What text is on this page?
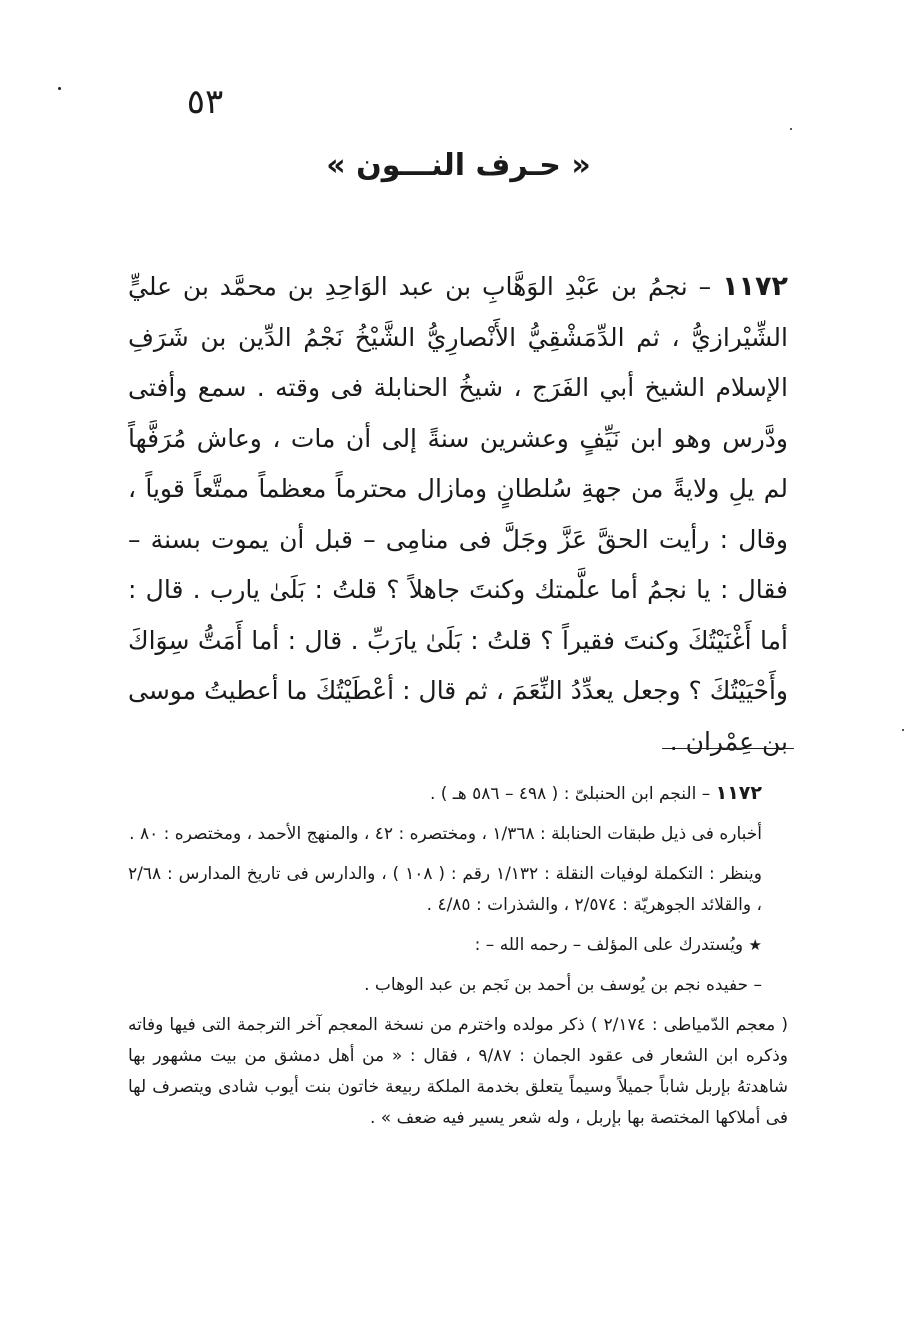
٥٣
« حـرف النـــون »
١١٧٢ – نجمُ بن عَبْدِ الوَهَّابِ بن عبد الوَاحِدِ بن محمَّد بن عليٍّ الشِّيْرازيُّ ، ثم الدِّمَشْقِيُّ الأَنْصارِيُّ الشَّيْخُ نَجْمُ الدِّين بن شَرَفِ الإسلام الشيخ أبي الفَرَج ، شيخُ الحنابلة فى وقته . سمع وأفتى ودَّرس وهو ابن نَيِّفٍ وعشرين سنةً إلى أن مات ، وعاش مُرَفَّهاً لم يلِ ولايةً من جهةِ سُلطانٍ ومازال محترماً معظماً ممتَّعاً قوياً ، وقال : رأيت الحقَّ عَزَّ وجَلَّ فى منامِى – قبل أن يموت بسنة – فقال : يا نجمُ أما علَّمتك وكنتَ جاهلاً ؟ قلتُ : بَلَىٰ يارب . قال : أما أَغْنَيْتُكَ وكنتَ فقيراً ؟ قلتُ : بَلَىٰ يارَبِّ . قال : أما أَمَتُّ سِوَاكَ وأَحْيَيْتُكَ ؟ وجعل يعدِّدُ النِّعَمَ ، ثم قال : أعْطَيْتُكَ ما أعطيتُ موسى بن عِمْران .

١١٧٢ – النجم ابن الحنبلىّ : ( ٤٩٨ – ٥٨٦ هـ ) .

أخباره فى ذيل طبقات الحنابلة : ١/٣٦٨ ، ومختصره : ٤٢ ، والمنهج الأحمد ، ومختصره : ٨٠ .

وينظر : التكملة لوفيات النقلة : ١/١٣٢ رقم : ( ١٠٨ ) ، والدارس فى تاريخ المدارس : ٢/٦٨ ، والقلائد الجوهريّة : ٢/٥٧٤ ، والشذرات : ٤/٨٥ .

★ ويُستدرك على المؤلف – رحمه الله – :

– حفيده نجم بن يُوسف بن أحمد بن نَجم بن عبد الوهاب .

( معجم الدّمياطى : ٢/١٧٤ ) ذكر مولده واخترم من نسخة المعجم آخر الترجمة التى فيها وفاته وذكره ابن الشعار فى عقود الجمان : ٩/٨٧ ، فقال : « من أهل دمشق من بيت مشهور بها شاهدتهُ بإربل شاباً جميلاً وسيماً يتعلق بخدمة الملكة ربيعة خاتون بنت أيوب شادى ويتصرف لها فى أملاكها المختصة بها بإربل ، وله شعر يسير فيه ضعف » .
